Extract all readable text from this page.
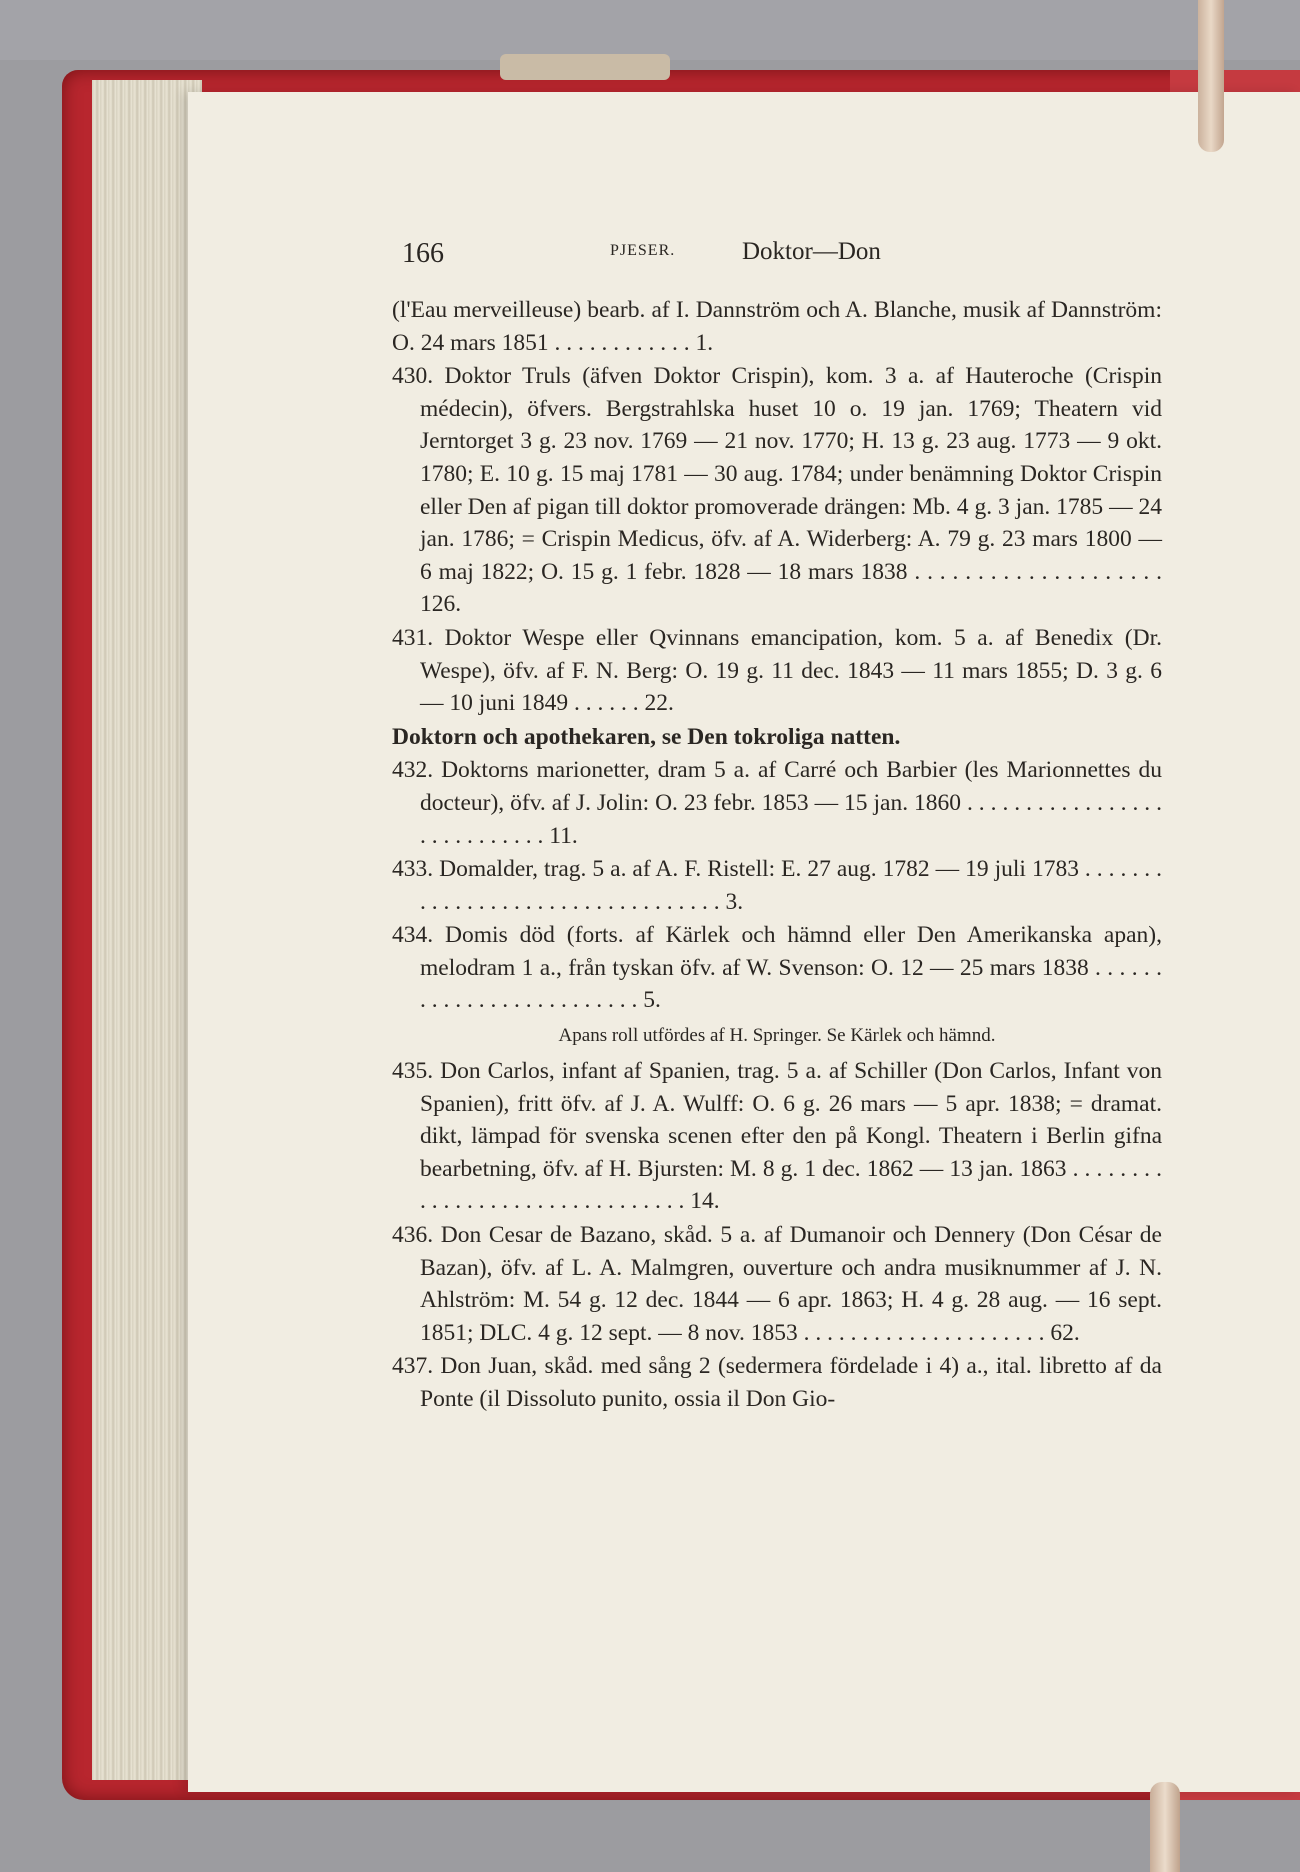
166	PJESER.	Doktor—Don

(l'Eau merveilleuse) bearb. af I. Dannström och A. Blanche, musik af Dannström: O. 24 mars 1851 . . . . . . . . . . . . 1.

430. Doktor Truls (äfven Doktor Crispin), kom. 3 a. af Hauteroche (Crispin médecin), öfvers. Bergstrahlska huset 10 o. 19 jan. 1769; Theatern vid Jerntorget 3 g. 23 nov. 1769 — 21 nov. 1770; H. 13 g. 23 aug. 1773 — 9 okt. 1780; E. 10 g. 15 maj 1781 — 30 aug. 1784; under benämning Doktor Crispin eller Den af pigan till doktor promoverade drängen: Mb. 4 g. 3 jan. 1785 — 24 jan. 1786; = Crispin Medicus, öfv. af A. Widerberg: A. 79 g. 23 mars 1800 — 6 maj 1822; O. 15 g. 1 febr. 1828 — 18 mars 1838 . . . . . . . . . . . . . . . . . . . . 126.

431. Doktor Wespe eller Qvinnans emancipation, kom. 5 a. af Benedix (Dr. Wespe), öfv. af F. N. Berg: O. 19 g. 11 dec. 1843 — 11 mars 1855; D. 3 g. 6 — 10 juni 1849 . . . . . . 22.

Doktorn och apothekaren, se Den tokroliga natten.

432. Doktorns marionetter, dram 5 a. af Carré och Barbier (les Marionnettes du docteur), öfv. af J. Jolin: O. 23 febr. 1853 — 15 jan. 1860 . . . . . . . . . . . . . . . . . . . . . . . . . . . . 11.

433. Domalder, trag. 5 a. af A. F. Ristell: E. 27 aug. 1782 — 19 juli 1783 . . . . . . . . . . . . . . . . . . . . . . . . . . . . . . . . . 3.

434. Domis död (forts. af Kärlek och hämnd eller Den Amerikanska apan), melodram 1 a., från tyskan öfv. af W. Svenson: O. 12 — 25 mars 1838 . . . . . . . . . . . . . . . . . . . . . . . . . 5.

Apans roll utfördes af H. Springer. Se Kärlek och hämnd.

435. Don Carlos, infant af Spanien, trag. 5 a. af Schiller (Don Carlos, Infant von Spanien), fritt öfv. af J. A. Wulff: O. 6 g. 26 mars — 5 apr. 1838; = dramat. dikt, lämpad för svenska scenen efter den på Kongl. Theatern i Berlin gifna bearbetning, öfv. af H. Bjursten: M. 8 g. 1 dec. 1862 — 13 jan. 1863 . . . . . . . . . . . . . . . . . . . . . . . . . . . . . . . 14.

436. Don Cesar de Bazano, skåd. 5 a. af Dumanoir och Dennery (Don César de Bazan), öfv. af L. A. Malmgren, ouverture och andra musiknummer af J. N. Ahlström: M. 54 g. 12 dec. 1844 — 6 apr. 1863; H. 4 g. 28 aug. — 16 sept. 1851; DLC. 4 g. 12 sept. — 8 nov. 1853 . . . . . . . . . . . . . . . . . . . . . 62.

437. Don Juan, skåd. med sång 2 (sedermera fördelade i 4) a., ital. libretto af da Ponte (il Dissoluto punito, ossia il Don Gio-
